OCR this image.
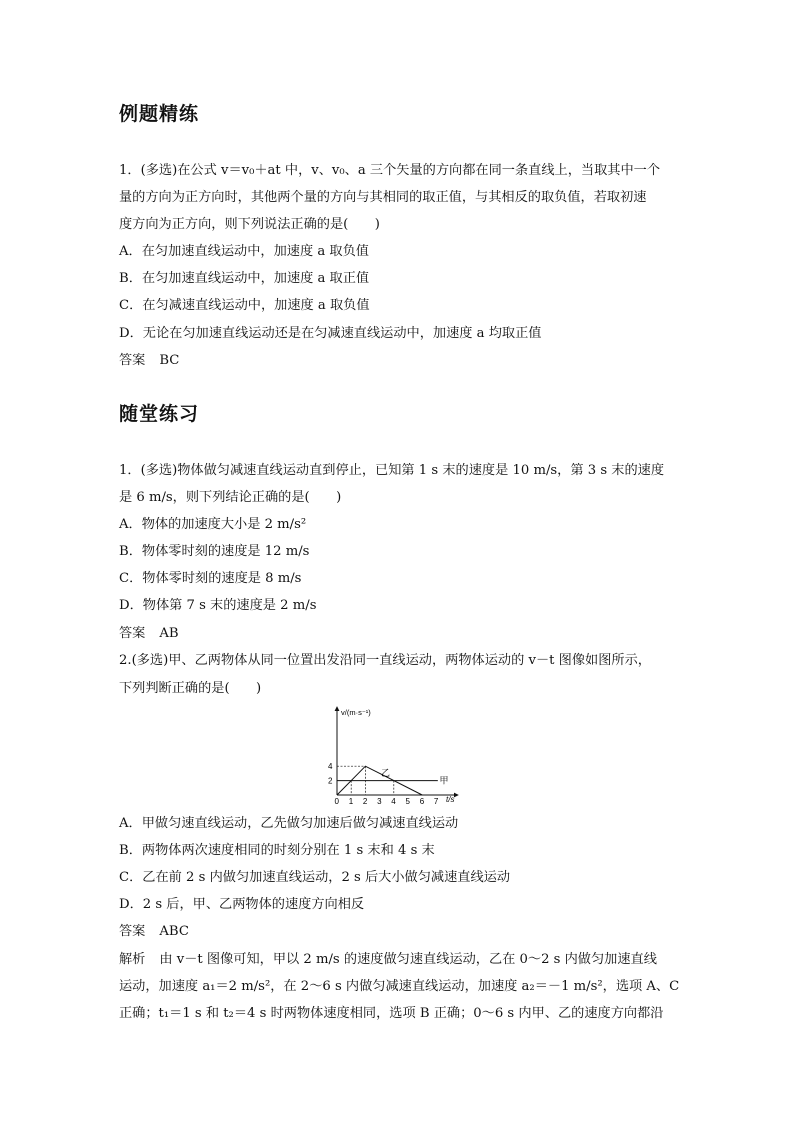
例题精练
1．(多选)在公式 v＝v₀＋at 中，v、v₀、a 三个矢量的方向都在同一条直线上，当取其中一个
量的方向为正方向时，其他两个量的方向与其相同的取正值，与其相反的取负值，若取初速
度方向为正方向，则下列说法正确的是(　　)
A．在匀加速直线运动中，加速度 a 取负值
B．在匀加速直线运动中，加速度 a 取正值
C．在匀减速直线运动中，加速度 a 取负值
D．无论在匀加速直线运动还是在匀减速直线运动中，加速度 a 均取正值
答案 BC
随堂练习
1．(多选)物体做匀减速直线运动直到停止，已知第 1 s 末的速度是 10 m/s，第 3 s 末的速度
是 6 m/s，则下列结论正确的是(　　)
A．物体的加速度大小是 2 m/s²
B．物体零时刻的速度是 12 m/s
C．物体零时刻的速度是 8 m/s
D．物体第 7 s 末的速度是 2 m/s
答案 AB
2.(多选)甲、乙两物体从同一位置出发沿同一直线运动，两物体运动的 v－t 图像如图所示，
下列判断正确的是(　　)
v/(m·s⁻¹)
t/s
0 1 2 3 4 5 6 7
4
2	甲
乙
A．甲做匀速直线运动，乙先做匀加速后做匀减速直线运动
B．两物体两次速度相同的时刻分别在 1 s 末和 4 s 末
C．乙在前 2 s 内做匀加速直线运动，2 s 后大小做匀减速直线运动
D．2 s 后，甲、乙两物体的速度方向相反
答案 ABC
解析 由 v－t 图像可知，甲以 2 m/s 的速度做匀速直线运动，乙在 0～2 s 内做匀加速直线
运动，加速度 a₁＝2 m/s²，在 2～6 s 内做匀减速直线运动，加速度 a₂＝－1 m/s²，选项 A、C
正确；t₁＝1 s 和 t₂＝4 s 时两物体速度相同，选项 B 正确；0～6 s 内甲、乙的速度方向都沿
